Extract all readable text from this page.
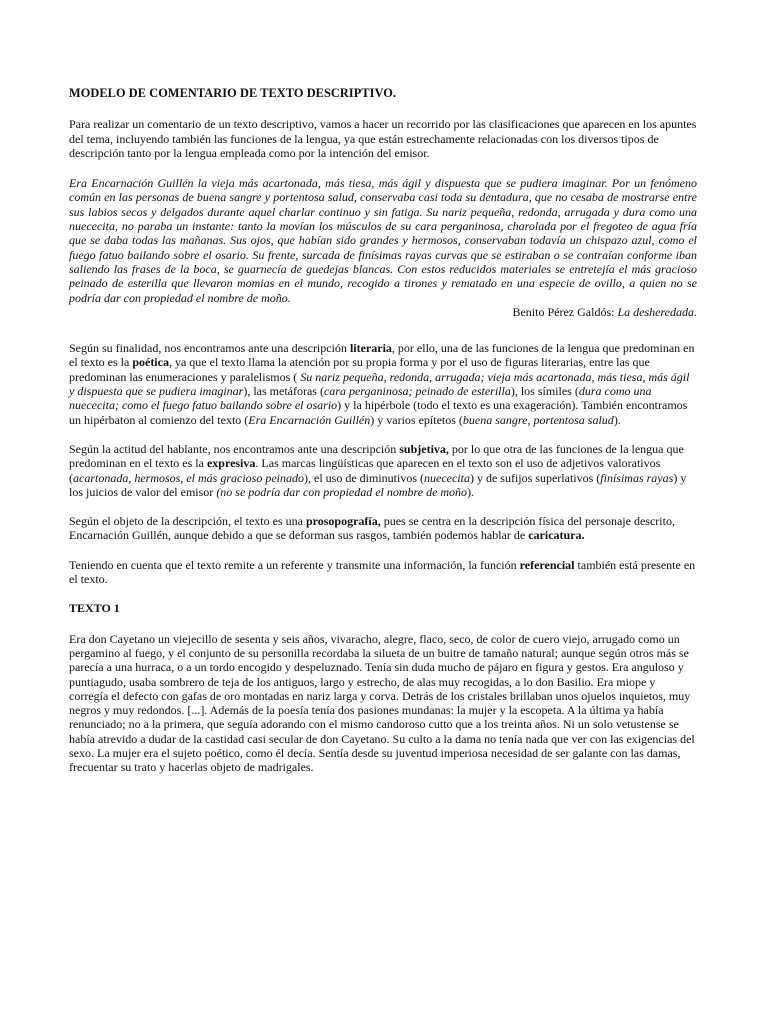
MODELO DE COMENTARIO DE TEXTO DESCRIPTIVO.

Para realizar un comentario de un texto descriptivo, vamos a hacer un recorrido por las clasificaciones que aparecen en los apuntes del tema, incluyendo también las funciones de la lengua, ya que están estrechamente relacionadas con los diversos tipos de descripción tanto por la lengua empleada como por la intención del emisor.

Era Encarnación Guillén la vieja más acartonada, más tiesa, más ágil y dispuesta que se pudiera imaginar. Por un fenómeno común en las personas de buena sangre y portentosa salud, conservaba casi toda su dentadura, que no cesaba de mostrarse entre sus labios secos y delgados durante aquel charlar continuo y sin fatiga. Su nariz pequeña, redonda, arrugada y dura como una nuececita, no paraba un instante: tanto la movían los músculos de su cara perganinosa, charolada por el fregoteo de agua fría que se daba todas las mañanas. Sus ojos, que habían sido grandes y hermosos, conservaban todavía un chispazo azul, como el fuego fatuo bailando sobre el osario. Su frente, surcada de finísimas rayas curvas que se estiraban o se contraían conforme iban saliendo las frases de la boca, se guarnecía de guedejas blancas. Con estos reducidos materiales se entretejía el más gracioso peinado de esterilla que llevaron momias en el mundo, recogido a tirones y rematado en una especie de ovillo, a quien no se podría dar con propiedad el nombre de moño.

Benito Pérez Galdós: La desheredada.

Según su finalidad, nos encontramos ante una descripción literaria, por ello, una de las funciones de la lengua que predominan en el texto es la poética, ya que el texto llama la atención por su propia forma y por el uso de figuras literarias, entre las que predominan las enumeraciones y paralelismos ( Su nariz pequeña, redonda, arrugada; vieja más acartonada, más tiesa, más ágil y dispuesta que se pudiera imaginar), las metáforas (cara perganinosa; peinado de esterilla), los símiles (dura como una nuececita; como el fuego fatuo bailando sobre el osario) y la hipérbole (todo el texto es una exageración). También encontramos un hipérbaton al comienzo del texto (Era Encarnación Guillén) y varios epítetos (buena sangre, portentosa salud).

Según la actitud del hablante, nos encontramos ante una descripción subjetiva, por lo que otra de las funciones de la lengua que predominan en el texto es la expresiva. Las marcas lingüísticas que aparecen en el texto son el uso de adjetivos valorativos (acartonada, hermosos, el más gracioso peinado), el uso de diminutivos (nuececita) y de sufijos superlativos (finísimas rayas) y los juicios de valor del emisor (no se podría dar con propiedad el nombre de moño).

Según el objeto de la descripción, el texto es una prosopografía, pues se centra en la descripción física del personaje descrito, Encarnación Guillén, aunque debido a que se deforman sus rasgos, también podemos hablar de caricatura.

Teniendo en cuenta que el texto remite a un referente y transmite una información, la función referencial también está presente en el texto.

TEXTO 1

Era don Cayetano un viejecillo de sesenta y seis años, vivaracho, alegre, flaco, seco, de color de cuero viejo, arrugado como un pergamino al fuego, y el conjunto de su personilla recordaba la silueta de un buitre de tamaño natural; aunque según otros más se parecía a una hurraca, o a un tordo encogido y despeluznado. Tenía sin duda mucho de pájaro en figura y gestos. Era anguloso y puntiagudo, usaba sombrero de teja de los antiguos, largo y estrecho, de alas muy recogidas, a lo don Basilio. Era miope y corregía el defecto con gafas de oro montadas en nariz larga y corva. Detrás de los cristales brillaban unos ojuelos inquietos, muy negros y muy redondos. [...]. Además de la poesía tenía dos pasiones mundanas: la mujer y la escopeta. A la última ya había renunciado; no a la primera, que seguía adorando con el mismo candoroso cutto que a los treinta años. Ni un solo vetustense se había atrevido a dudar de la castidad casi secular de don Cayetano. Su culto a la dama no tenía nada que ver con las exigencias del sexo. La mujer era el sujeto poético, como él decía. Sentía desde su juventud imperiosa necesidad de ser galante con las damas, frecuentar su trato y hacerlas objeto de madrigales.
